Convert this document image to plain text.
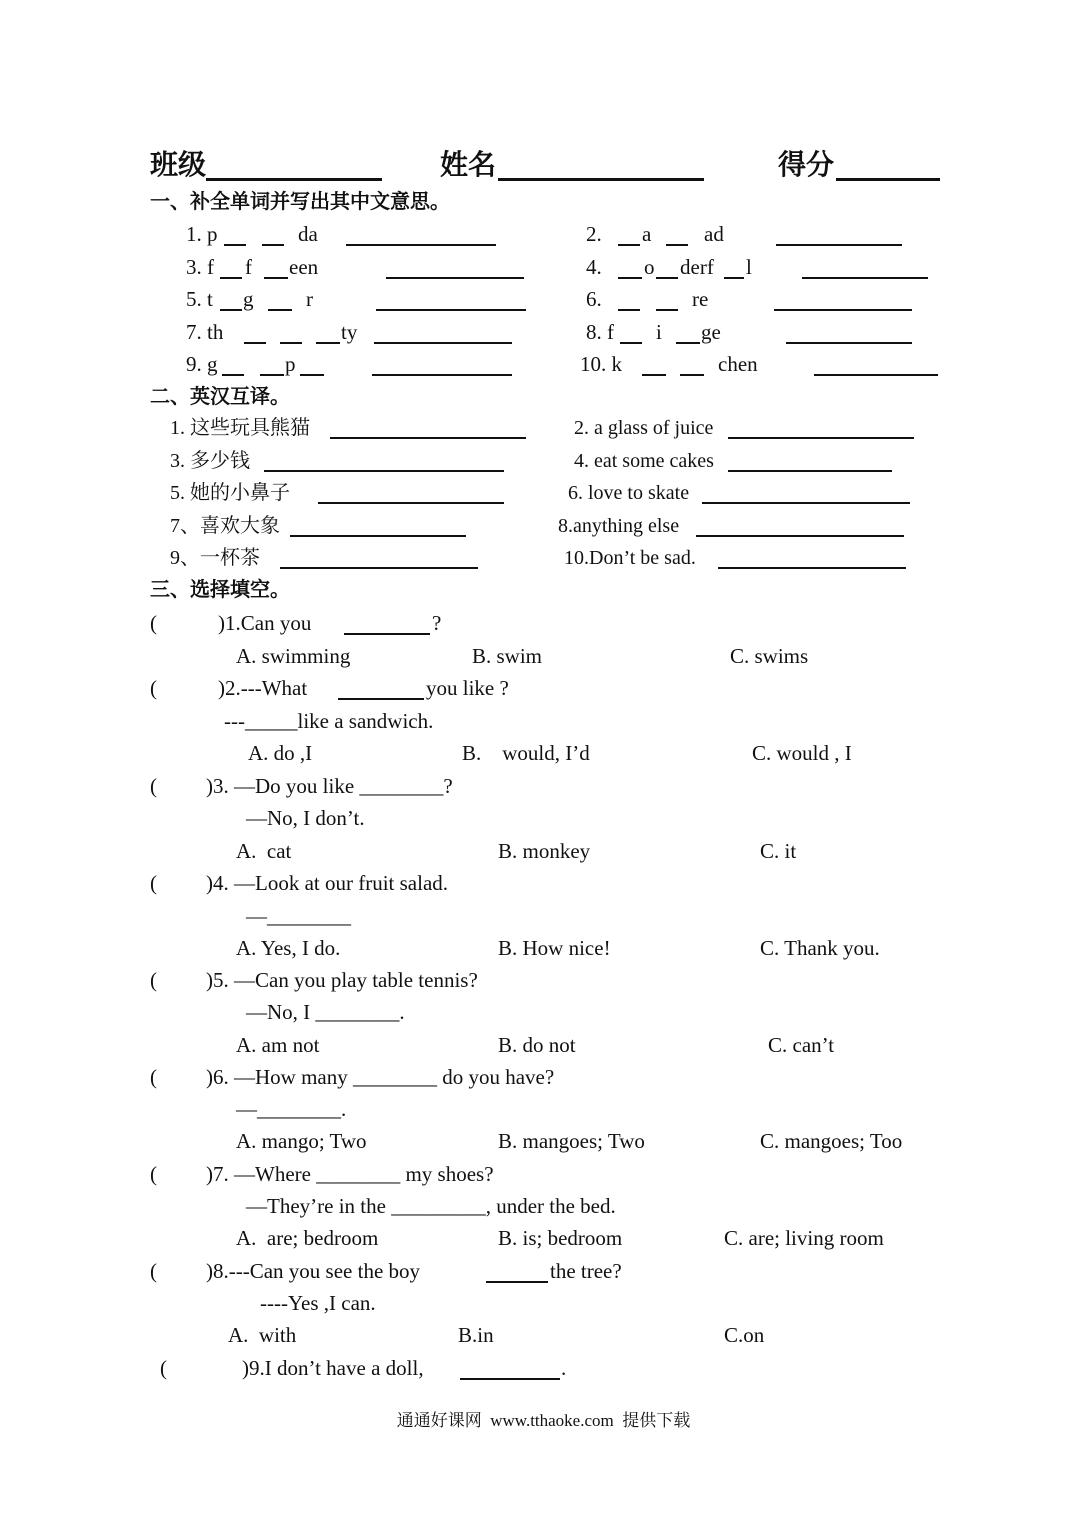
班级	姓名	得分
一、补全单词并写出其中文意思。
1. p	da	2. a	ad
3. f f een	4. o derf l
5. t g	r	6.	re
7. th	ty	8. f i ge
9. g	p	10. k	chen
二、英汉互译。
1. 这些玩具熊猫	2. a glass of juice
3. 多少钱	4. eat some cakes
5. 她的小鼻子	6. love to skate
7、喜欢大象	8.anything else
9、一杯茶	10.Don’t be sad.
三、选择填空。
(	)1.Can you	?
A. swimming	B. swim	C. swims
(	)2.---What	you like ?
---_____like a sandwich.
A. do ,I	B.    would, I’d	C. would , I
( )3. —Do you like ________?
—No, I don’t.
A.  cat	B. monkey	C. it
( )4. —Look at our fruit salad.
—________
A. Yes, I do.	B. How nice!	C. Thank you.
( )5. —Can you play table tennis?
—No, I ________.
A. am not	B. do not	C. can’t
( )6. —How many ________ do you have?
—________.
A. mango; Two	B. mangoes; Two	C. mangoes; Too
( )7. —Where ________ my shoes?
—They’re in the _________, under the bed.
A.  are; bedroom	B. is; bedroom	C. are; living room
( )8.---Can you see the boy	the tree?
----Yes ,I can.
A.  with	B.in	C.on
(	)9.I don’t have a doll,	.
通通好课网  www.tthaoke.com  提供下载
